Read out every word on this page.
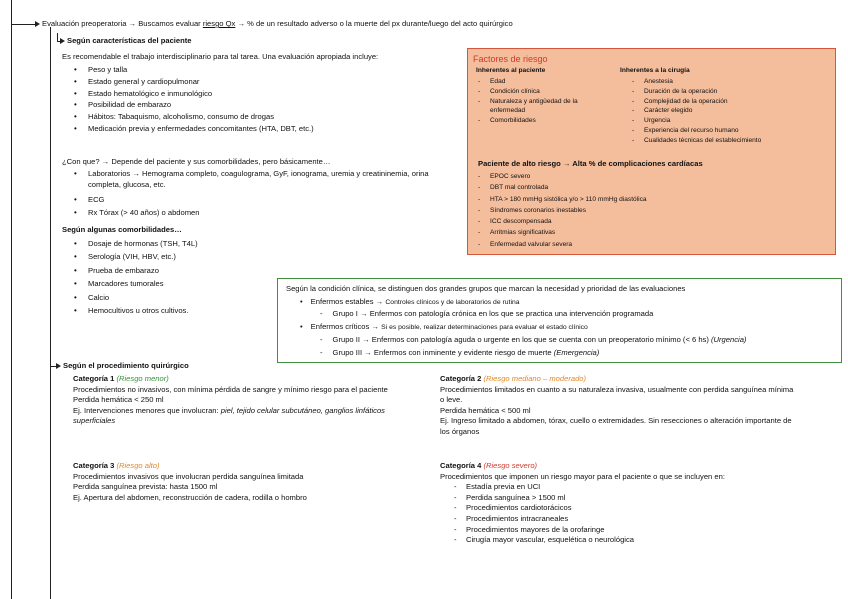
Evaluación preoperatoria → Buscamos evaluar riesgo Qx → % de un resultado adverso o la muerte del px durante/luego del acto quirúrgico
Según características del paciente
Es recomendable el trabajo interdisciplinario para tal tarea. Una evaluación apropiada incluye:
• Peso y talla
• Estado general y cardiopulmonar
• Estado hematológico e inmunológico
• Posibilidad de embarazo
• Hábitos: Tabaquismo, alcoholismo, consumo de drogas
• Medicación previa y enfermedades concomitantes (HTA, DBT, etc.)
¿Con que? → Depende del paciente y sus comorbilidades, pero básicamente…
• Laboratorios → Hemograma completo, coagulograma, GyF, ionograma, uremia y creatininemia, orina completa, glucosa, etc.
• ECG
• Rx Tórax (> 40 años) o abdomen
Según algunas comorbilidades…
• Dosaje de hormonas (TSH, T4L)
• Serología (VIH, HBV, etc.)
• Prueba de embarazo
• Marcadores tumorales
• Calcio
• Hemocultivos u otros cultivos.
Factores de riesgo
Inherentes al paciente
- Edad
- Condición clínica
- Naturaleza y antigüedad de la enfermedad
- Comorbilidades
Inherentes a la cirugía
- Anestesia
- Duración de la operación
- Complejidad de la operación
- Carácter elegido
- Urgencia
- Experiencia del recurso humano
- Cualidades técnicas del establecimiento
Paciente de alto riesgo → Alta % de complicaciones cardíacas
- EPOC severo
- DBT mal controlada
- HTA > 180 mmHg sistólica y/o > 110 mmHg diastólica
- Síndromes coronarios inestables
- ICC descompensada
- Arritmias significativas
- Enfermedad valvular severa
Según la condición clínica, se distinguen dos grandes grupos que marcan la necesidad y prioridad de las evaluaciones
• Enfermos estables → Controles clínicos y de laboratorios de rutina
- Grupo I → Enfermos con patología crónica en los que se practica una intervención programada
• Enfermos críticos → Si es posible, realizar determinaciones para evaluar el estado clínico
- Grupo II → Enfermos con patología aguda o urgente en los que se cuenta con un preoperatorio mínimo (< 6 hs) (Urgencia)
- Grupo III → Enfermos con inminente y evidente riesgo de muerte (Emergencia)
Según el procedimiento quirúrgico

Categoría 1 (Riesgo menor)

Procedimientos no invasivos, con mínima pérdida de sangre y mínimo riesgo para el paciente

Perdida hemática < 250 ml

Ej. Intervenciones menores que involucran: piel, tejido celular subcutáneo, ganglios linfáticos superficiales

Categoría 2 (Riesgo mediano – moderado)

Procedimientos limitados en cuanto a su naturaleza invasiva, usualmente con perdida sanguínea mínima o leve.

Perdida hemática < 500 ml

Ej. Ingreso limitado a abdomen, tórax, cuello o extremidades. Sin resecciones o alteración importante de los órganos

Categoría 3 (Riesgo alto)

Procedimientos invasivos que involucran perdida sanguínea limitada

Perdida sanguínea prevista: hasta 1500 ml

Ej. Apertura del abdomen, reconstrucción de cadera, rodilla o hombro

Categoría 4 (Riesgo severo)

Procedimientos que imponen un riesgo mayor para el paciente o que se incluyen en:

- Estadía previa en UCI
- Perdida sanguínea > 1500 ml
- Procedimientos cardiotorácicos
- Procedimientos intracraneales
- Procedimientos mayores de la orofaringe
- Cirugía mayor vascular, esquelética o neurológica
